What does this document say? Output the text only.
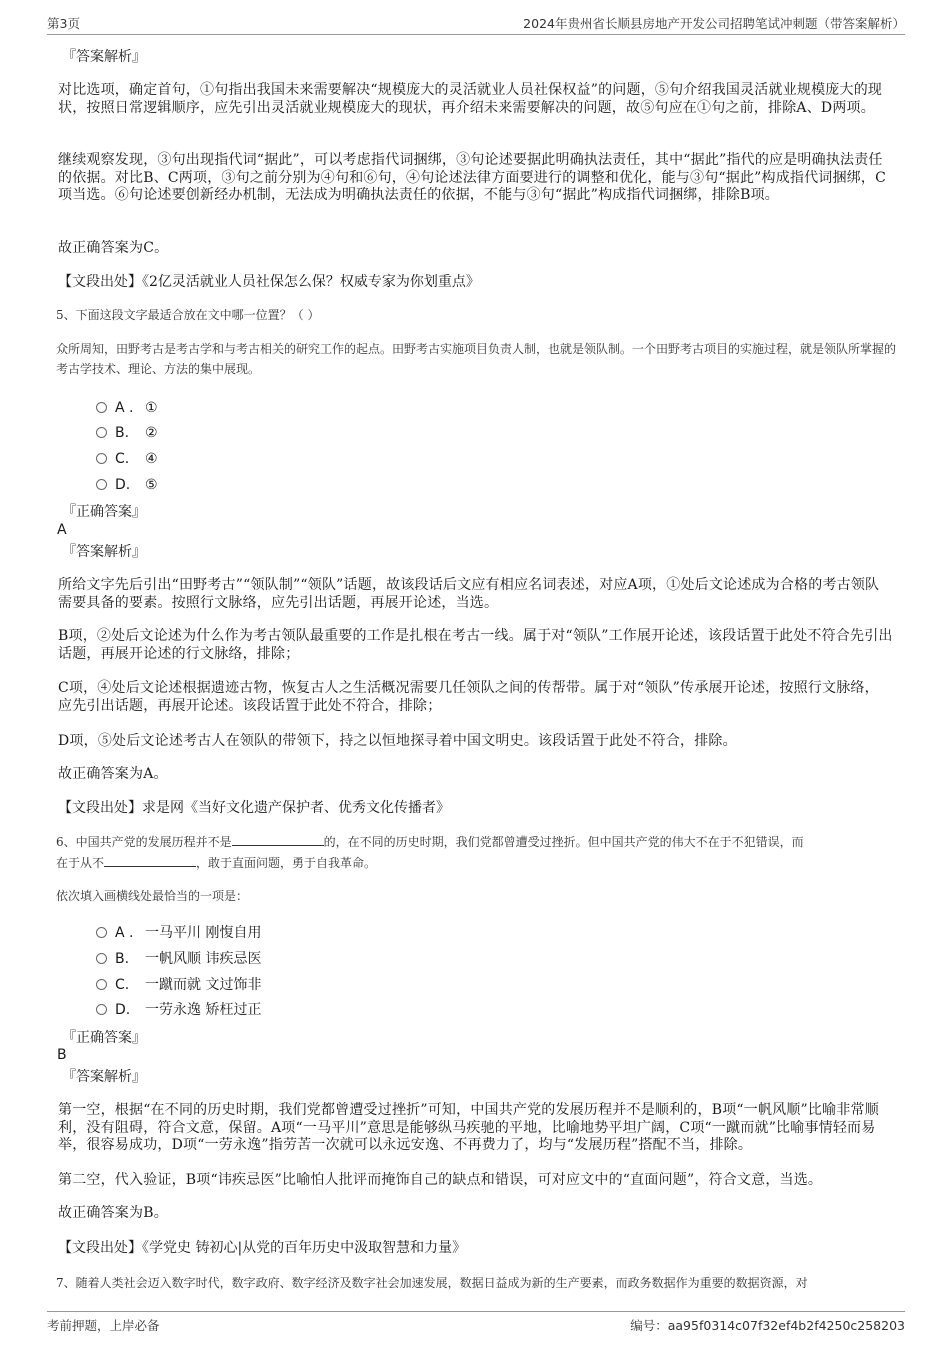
第3页	2024年贵州省长顺县房地产开发公司招聘笔试冲刺题（带答案解析）
『答案解析』
对比选项，确定首句，①句指出我国未来需要解决“规模庞大的灵活就业人员社保权益”的问题，⑤句介绍我国灵活就业规模庞大的现状，按照日常逻辑顺序，应先引出灵活就业规模庞大的现状，再介绍未来需要解决的问题，故⑤句应在①句之前，排除A、D两项。
继续观察发现，③句出现指代词“据此”，可以考虑指代词捆绑，③句论述要据此明确执法责任，其中“据此”指代的应是明确执法责任的依据。对比B、C两项，③句之前分别为④句和⑥句，④句论述法律方面要进行的调整和优化，能与③句“据此”构成指代词捆绑，C项当选。⑥句论述要创新经办机制，无法成为明确执法责任的依据，不能与③句“据此”构成指代词捆绑，排除B项。
故正确答案为C。
【文段出处】《2亿灵活就业人员社保怎么保？权威专家为你划重点》
5、下面这段文字最适合放在文中哪一位置？（ ）
众所周知，田野考古是考古学和与考古相关的研究工作的起点。田野考古实施项目负责人制，也就是领队制。一个田野考古项目的实施过程，就是领队所掌握的考古学技术、理论、方法的集中展现。
A . ①
B. ②
C. ④
D. ⑤
『正确答案』
A
『答案解析』
所给文字先后引出“田野考古”“领队制”“领队”话题，故该段话后文应有相应名词表述，对应A项，①处后文论述成为合格的考古领队需要具备的要素。按照行文脉络，应先引出话题，再展开论述，当选。
B项，②处后文论述为什么作为考古领队最重要的工作是扎根在考古一线。属于对“领队”工作展开论述，该段话置于此处不符合先引出话题，再展开论述的行文脉络，排除；
C项，④处后文论述根据遗迹古物，恢复古人之生活概况需要几任领队之间的传帮带。属于对“领队”传承展开论述，按照行文脉络，应先引出话题，再展开论述。该段话置于此处不符合，排除；
D项，⑤处后文论述考古人在领队的带领下，持之以恒地探寻着中国文明史。该段话置于此处不符合，排除。
故正确答案为A。
【文段出处】求是网《当好文化遗产保护者、优秀文化传播者》
6、中国共产党的发展历程并不是	的，在不同的历史时期，我们党都曾遭受过挫折。但中国共产党的伟大不在于不犯错误，而
在于从不	，敢于直面问题，勇于自我革命。
依次填入画横线处最恰当的一项是：
A . 一马平川 刚愎自用
B. 一帆风顺 讳疾忌医
C. 一蹴而就 文过饰非
D. 一劳永逸 矫枉过正
『正确答案』
B
『答案解析』
第一空，根据“在不同的历史时期，我们党都曾遭受过挫折”可知，中国共产党的发展历程并不是顺利的，B项“一帆风顺”比喻非常顺利，没有阻碍，符合文意，保留。A项“一马平川”意思是能够纵马疾驰的平地，比喻地势平坦广阔，C项“一蹴而就”比喻事情轻而易举，很容易成功，D项“一劳永逸”指劳苦一次就可以永远安逸、不再费力了，均与“发展历程”搭配不当，排除。
第二空，代入验证，B项“讳疾忌医”比喻怕人批评而掩饰自己的缺点和错误，可对应文中的“直面问题”，符合文意，当选。
故正确答案为B。
【文段出处】《学党史 铸初心|从党的百年历史中汲取智慧和力量》
7、随着人类社会迈入数字时代，数字政府、数字经济及数字社会加速发展，数据日益成为新的生产要素，而政务数据作为重要的数据资源，对
考前押题，上岸必备	编号：aa95f0314c07f32ef4b2f4250c258203
